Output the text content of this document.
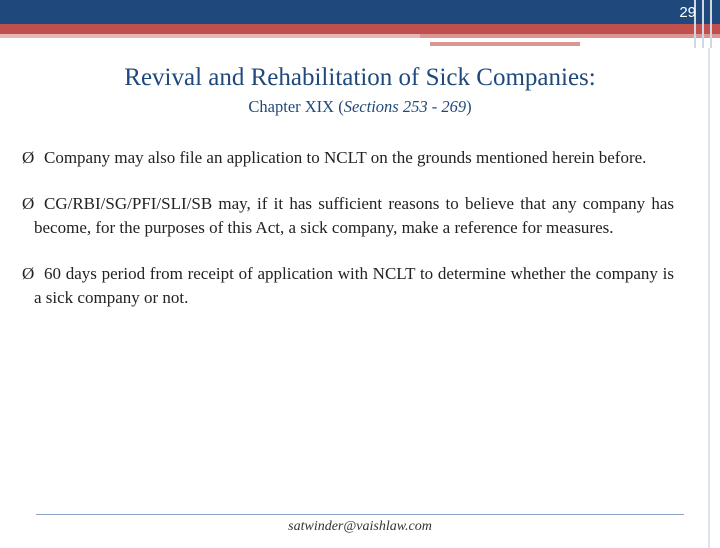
29
Revival and Rehabilitation of Sick Companies:
Chapter XIX (Sections 253 - 269)
Ø Company may also file an application to NCLT on the grounds mentioned herein before.
Ø CG/RBI/SG/PFI/SLI/SB may, if it has sufficient reasons to believe that any company has become, for the purposes of this Act, a sick company, make a reference for measures.
Ø 60 days period from receipt of application with NCLT to determine whether the company is a sick company or not.
satwinder@vaishlaw.com
